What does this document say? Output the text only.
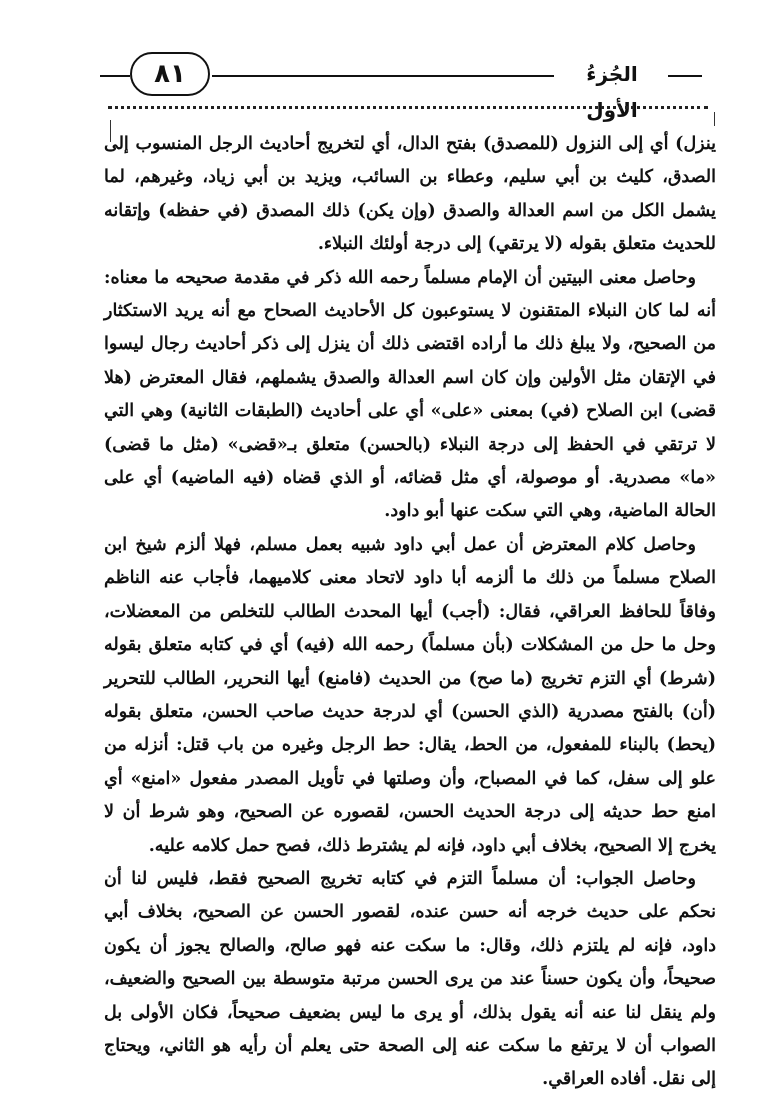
٨١	الجُزءُ الأول

ينزل) أي إلى النزول (للمصدق) بفتح الدال، أي لتخريج أحاديث الرجل المنسوب إلى الصدق، كليث بن أبي سليم، وعطاء بن السائب، ويزيد بن أبي زياد، وغيرهم، لما يشمل الكل من اسم العدالة والصدق (وإن يكن) ذلك المصدق (في حفظه) وإتقانه للحديث متعلق بقوله (لا يرتقي) إلى درجة أولئك النبلاء.

وحاصل معنى البيتين أن الإمام مسلماً رحمه الله ذكر في مقدمة صحيحه ما معناه: أنه لما كان النبلاء المتقنون لا يستوعبون كل الأحاديث الصحاح مع أنه يريد الاستكثار من الصحيح، ولا يبلغ ذلك ما أراده اقتضى ذلك أن ينزل إلى ذكر أحاديث رجال ليسوا في الإتقان مثل الأولين وإن كان اسم العدالة والصدق يشملهم، فقال المعترض (هلا قضى) ابن الصلاح (في) بمعنى «على» أي على أحاديث (الطبقات الثانية) وهي التي لا ترتقي في الحفظ إلى درجة النبلاء (بالحسن) متعلق بـ«قضى» (مثل ما قضى) «ما» مصدرية. أو موصولة، أي مثل قضائه، أو الذي قضاه (فيه الماضيه) أي على الحالة الماضية، وهي التي سكت عنها أبو داود.

وحاصل كلام المعترض أن عمل أبي داود شبيه بعمل مسلم، فهلا ألزم شيخ ابن الصلاح مسلماً من ذلك ما ألزمه أبا داود لاتحاد معنى كلاميهما، فأجاب عنه الناظم وفاقاً للحافظ العراقي، فقال: (أجب) أيها المحدث الطالب للتخلص من المعضلات، وحل ما حل من المشكلات (بأن مسلماً) رحمه الله (فيه) أي في كتابه متعلق بقوله (شرط) أي التزم تخريج (ما صح) من الحديث (فامنع) أيها النحرير، الطالب للتحرير (أن) بالفتح مصدرية (الذي الحسن) أي لدرجة حديث صاحب الحسن، متعلق بقوله (يحط) بالبناء للمفعول، من الحط، يقال: حط الرجل وغيره من باب قتل: أنزله من علو إلى سفل، كما في المصباح، وأن وصلتها في تأويل المصدر مفعول «امنع» أي امنع حط حديثه إلى درجة الحديث الحسن، لقصوره عن الصحيح، وهو شرط أن لا يخرج إلا الصحيح، بخلاف أبي داود، فإنه لم يشترط ذلك، فصح حمل كلامه عليه.

وحاصل الجواب: أن مسلماً التزم في كتابه تخريج الصحيح فقط، فليس لنا أن نحكم على حديث خرجه أنه حسن عنده، لقصور الحسن عن الصحيح، بخلاف أبي داود، فإنه لم يلتزم ذلك، وقال: ما سكت عنه فهو صالح، والصالح يجوز أن يكون صحيحاً، وأن يكون حسناً عند من يرى الحسن مرتبة متوسطة بين الصحيح والضعيف، ولم ينقل لنا عنه أنه يقول بذلك، أو يرى ما ليس بضعيف صحيحاً، فكان الأولى بل الصواب أن لا يرتفع ما سكت عنه إلى الصحة حتى يعلم أن رأيه هو الثاني، ويحتاج إلى نقل. أفاده العراقي.
